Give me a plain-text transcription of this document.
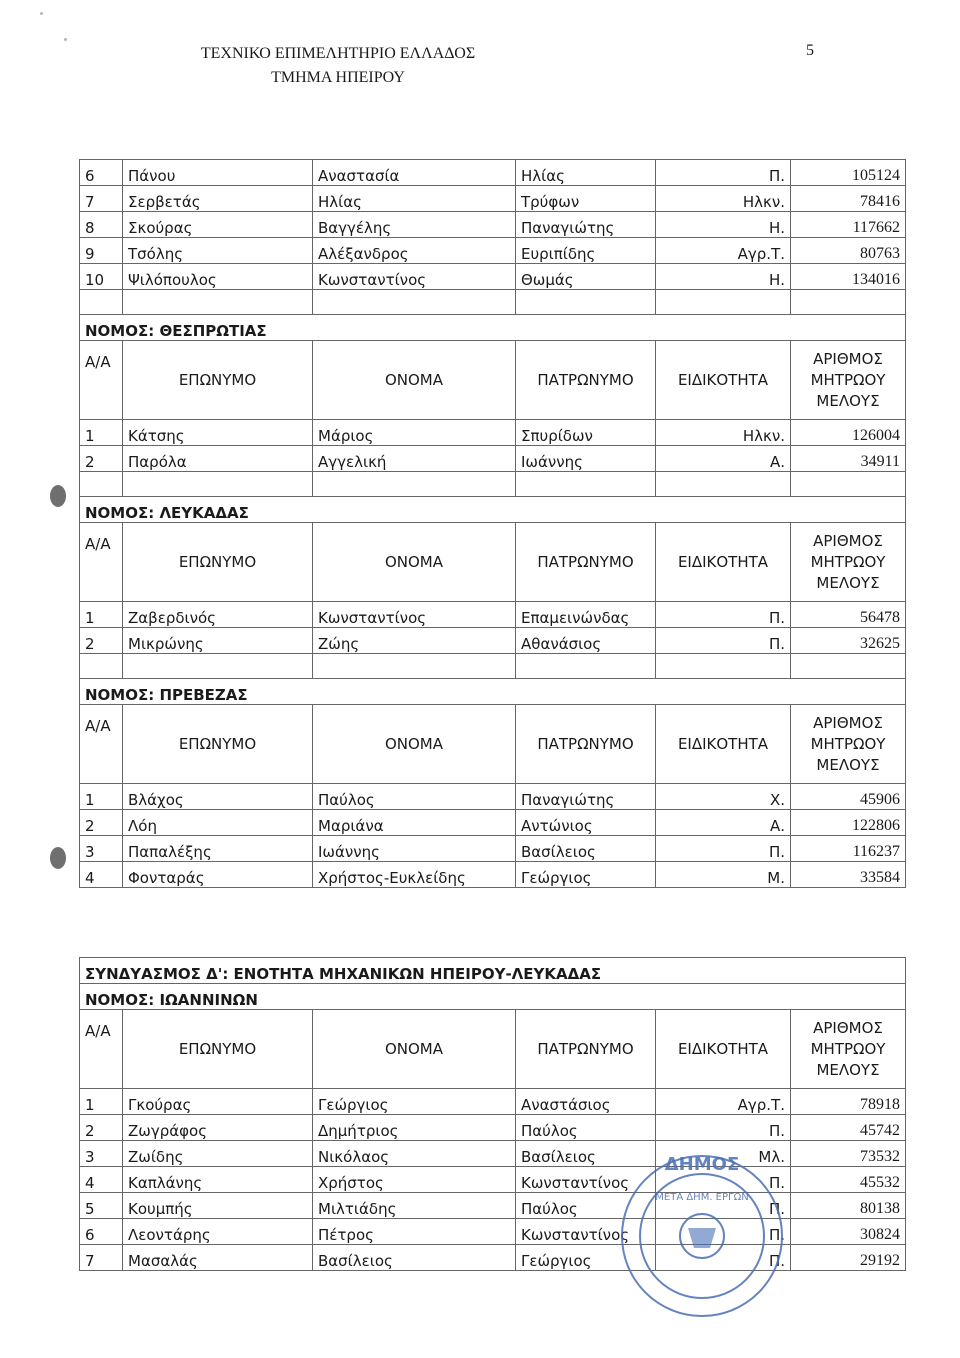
ΤΕΧΝΙΚΟ ΕΠΙΜΕΛΗΤΗΡΙΟ ΕΛΛΑΔΟΣ
ΤΜΗΜΑ ΗΠΕΙΡΟΥ
5
6	Πάνου	Αναστασία	Ηλίας	Π.	105124
7	Σερβετάς	Ηλίας	Τρύφων	Ηλκν.	78416
8	Σκούρας	Βαγγέλης	Παναγιώτης	Η.	117662
9	Τσόλης	Αλέξανδρος	Ευριπίδης	Αγρ.Τ.	80763
10	Ψιλόπουλος	Κωνσταντίνος	Θωμάς	Η.	134016

ΝΟΜΟΣ: ΘΕΣΠΡΩΤΙΑΣ					
Α/Α	ΕΠΩΝΥΜΟ	ΟΝΟΜΑ	ΠΑΤΡΩΝΥΜΟ	ΕΙΔΙΚΟΤΗΤΑ	ΑΡΙΘΜΟΣ
ΜΗΤΡΩΟΥ
ΜΕΛΟΥΣ

1	Κάτσης	Μάριος	Σπυρίδων	Ηλκν.	126004
2	Παρόλα	Αγγελική	Ιωάννης	Α.	34911

ΝΟΜΟΣ: ΛΕΥΚΑΔΑΣ					
Α/Α	ΕΠΩΝΥΜΟ	ΟΝΟΜΑ	ΠΑΤΡΩΝΥΜΟ	ΕΙΔΙΚΟΤΗΤΑ	ΑΡΙΘΜΟΣ
ΜΗΤΡΩΟΥ
ΜΕΛΟΥΣ

1	Ζαβερδινός	Κωνσταντίνος	Επαμεινώνδας	Π.	56478
2	Μικρώνης	Ζώης	Αθανάσιος	Π.	32625

ΝΟΜΟΣ: ΠΡΕΒΕΖΑΣ					
Α/Α	ΕΠΩΝΥΜΟ	ΟΝΟΜΑ	ΠΑΤΡΩΝΥΜΟ	ΕΙΔΙΚΟΤΗΤΑ	ΑΡΙΘΜΟΣ
ΜΗΤΡΩΟΥ
ΜΕΛΟΥΣ

1	Βλάχος	Παύλος	Παναγιώτης	Χ.	45906
2	Λόη	Μαριάνα	Αντώνιος	Α.	122806
3	Παπαλέξης	Ιωάννης	Βασίλειος	Π.	116237
4	Φονταράς	Χρήστος-Ευκλείδης	Γεώργιος	Μ.	33584
ΣΥΝΔΥΑΣΜΟΣ Δ': ΕΝΟΤΗΤΑ ΜΗΧΑΝΙΚΩΝ ΗΠΕΙΡΟΥ-ΛΕΥΚΑΔΑΣ					
ΝΟΜΟΣ: ΙΩΑΝΝΙΝΩΝ					
Α/Α	ΕΠΩΝΥΜΟ	ΟΝΟΜΑ	ΠΑΤΡΩΝΥΜΟ	ΕΙΔΙΚΟΤΗΤΑ	ΑΡΙΘΜΟΣ
ΜΗΤΡΩΟΥ
ΜΕΛΟΥΣ

1	Γκούρας	Γεώργιος	Αναστάσιος	Αγρ.Τ.	78918
2	Ζωγράφος	Δημήτριος	Παύλος	Π.	45742
3	Ζωίδης	Νικόλαος	Βασίλειος	Μλ.	73532
4	Καπλάνης	Χρήστος	Κωνσταντίνος	Π.	45532
5	Κουμπής	Μιλτιάδης	Παύλος	Π.	80138
6	Λεοντάρης	Πέτρος	Κωνσταντίνος	Π.	30824
7	Μασαλάς	Βασίλειος	Γεώργιος	Π.	29192
ΔΗΜΟΣ
ΜΕΤΑ ΔΗΜ. ΕΡΓΩΝ
